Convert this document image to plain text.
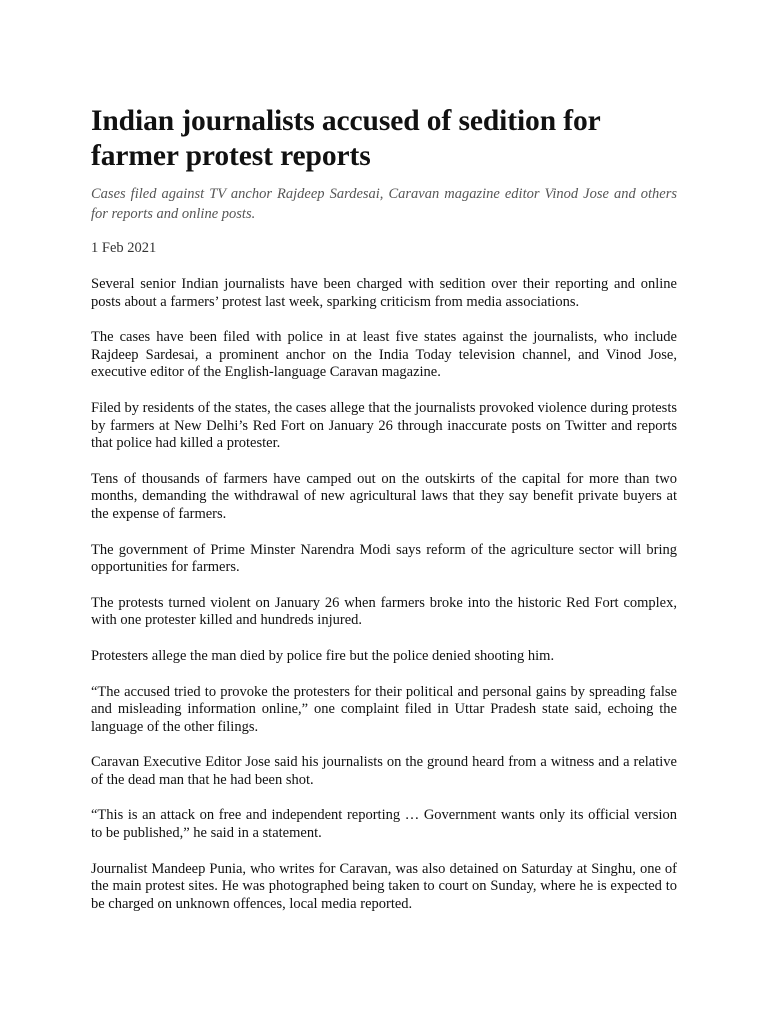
Indian journalists accused of sedition for farmer protest reports

Cases filed against TV anchor Rajdeep Sardesai, Caravan magazine editor Vinod Jose and others for reports and online posts.

1 Feb 2021

Several senior Indian journalists have been charged with sedition over their reporting and online posts about a farmers’ protest last week, sparking criticism from media associations.

The cases have been filed with police in at least five states against the journalists, who include Rajdeep Sardesai, a prominent anchor on the India Today television channel, and Vinod Jose, executive editor of the English-language Caravan magazine.

Filed by residents of the states, the cases allege that the journalists provoked violence during protests by farmers at New Delhi’s Red Fort on January 26 through inaccurate posts on Twitter and reports that police had killed a protester.

Tens of thousands of farmers have camped out on the outskirts of the capital for more than two months, demanding the withdrawal of new agricultural laws that they say benefit private buyers at the expense of farmers.

The government of Prime Minster Narendra Modi says reform of the agriculture sector will bring opportunities for farmers.

The protests turned violent on January 26 when farmers broke into the historic Red Fort complex, with one protester killed and hundreds injured.

Protesters allege the man died by police fire but the police denied shooting him.

“The accused tried to provoke the protesters for their political and personal gains by spreading false and misleading information online,” one complaint filed in Uttar Pradesh state said, echoing the language of the other filings.

Caravan Executive Editor Jose said his journalists on the ground heard from a witness and a relative of the dead man that he had been shot.

“This is an attack on free and independent reporting … Government wants only its official version to be published,” he said in a statement.

Journalist Mandeep Punia, who writes for Caravan, was also detained on Saturday at Singhu, one of the main protest sites. He was photographed being taken to court on Sunday, where he is expected to be charged on unknown offences, local media reported.
